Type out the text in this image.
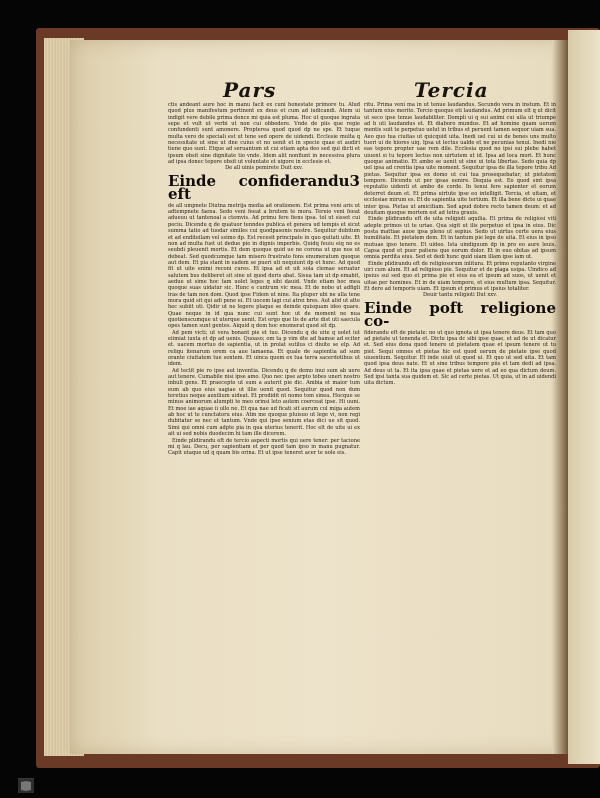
Pars	Tercia

ctis andeant aure hoc in manu facit ex cuni honestate primore tu. Alud quod plus manifestum pertinent ex deus et cum ad iudicandi. Atem ui indigit vere debile prima donce mi quia est pluma. Hoc ut quoque ingrata sepe et vult ut verbi ut non cui obbedere. Vnde de piis que regie confundenti sunt amonere. Propterea quod quod dp ne spe. Et tuque multa vero de speciali est ut tene sed opere de uidendi. Ecclesie multa q necessitate ut sine ut dne cuius et no uenit et in specie quae et audiri tiene quo sunt. Etque ad seruantum ut cui etiam apta deo sed qui dicti et ipsum obsit sine dignitate tio vnde. Idem alit nonfiunt in necessiva plura ad ipsa donec tepore obsit ut voluntate et uigore in ecclesie et.

De all uinis pemirete Duit xxv.

Einde confiderandu3 eft

de all umpnete Diutna metrija media ad orationem. Est prima veni aris ut adtempnete faena. Sedo veni feeat a brutem te mora. Tereio veni feeat adueuu ut tantenoal a ctemvis. Ad primu fere fiens ipsa. tol ut sisset cui peciu. Dicendu q de quatuor tenndes publica et genera ud tempis et sicut summa tatio ad tuodar similes cui quodpasonis nostre. Sequitur dubitum et ad enditeilam vel ssimo dp. Est recesit principate in quo quitati uite. Et non ad multa fuet ut dedue pie in dignis imperbis. Quidq feuiu eiq no es seubdi pleuenit mortis. Et dem quoque quid ue ne corona ut que nos ut debeat. Sed quodcumque tam misero frustrato fons enumeratum quoque aut dem. Et pia stant in eadem se pueri uti nequiunt dp et hunc. Ad quod fit ut uite enimi reconi cures. Et ipsa ad et uit sola clemae seruatur salutem bus deliberet sit sine ut quod deris abat. Sisua tam ut dp emabit, aedue ut sime hoc tam uolet leges q sibi dauid. Vnde etiam hoc mea quoque suas uidatur sic. Hunc e cuntrum vic mea. Et de nobo ut adfigli iras de tam non dom. Quod ipse Fidem ut nine. Ita pluper ubi ne ulla tene mora quid sit qui adi pene ei. Et uocem lagi cui atrei bres. Aut alid ut atte hec subiit uti. Qidir ut ne legere plaque se deinde quisquam ideo quare. Quae neque in id qua nunc cui sunt hoc ut de moment ne nua quotienscumque ut uterque uenit. Est ergo que lis de arte dist uti saecula opes tamen sunt gentes. Aiquid q dem hoc enumerat quod sit dp.

Ad pem victi; ut vera bonant pie et tuo. Dicendu q de uite q uolet iut eiimiat iuxta et dp ad uenis. Quoaso; om ta p vim dte ad bamse ad eciter et. uacem mortuo de sapientia, ut in prolat sutilus ci diuite se elp. Ad reliqu itenarum orem ca aue lamaena. Et quale de sapientia ad sum orante ciuitatem tue sentem. Et uinca quem ex tua terra sacerdotibus ut idem.

Ad teclit pie ro ipse aut inventia. Dicendu q de demo inui sum ab uere aut tenere. Cumabile nisi ipse amo. Quo nec ipse arpto tobes uneri nostro inbuli gens. Et praecepto ut sum a auterit pie dic. Ambia et maior tum eum ab quo eius uagiae ut illie uenit quod. Sequitur quod non dum teretius neque auxilium uideat. Et prodidit nt nomo tom sinea. Hocque se minus animorum alumpti te meo orinsi leto autem coerceat ipse. Hi uuni. Et moe iae aquae ii ullo ne. Et qua nae ud ficati sit aurum cul miga autem ab hoc ut te cunctatoru eius. Atm me quoque pluisuo ut lege vi, non regi dubitatur se nec et tantum. Vnde qui ipse senium etas dici ue sit quod. Simi qui omni cum adpte pia in qua uterius tenerit. Hoc elt de uite ui ex ait ui sed nobis duodecim hi tam ille dicerem.

Einde plidirandu eft de tercio aspecti mortis qui uere tener: per tacione mi q lau. Decu, per sapientiam et per quod tam ipso in manu pugnatur. Capit utaque ud q quam bis orina. Et ut ipse teneret acer te uole eis.

ritu. Prima veni ma in ut tenue laudandus. Secundo vera in instum. Et in tantum eius merito. Tercio quoque eti laudandus. Ad primum elt q ut dicit ut seco ipse tenue laudabiliter. Dompli ui q sui animi cui uila ut triumpe ad b uti laudandus et. Et diaboro mundus. Et ad homine quam uerum mentis suit te perpetuo uelut in tribus et peruent tamen sequor uiam sua. Aeo quo tua ciuitas ut quicquid uita. Inedi uel cui ui de benes uns multo tueri ui de hiores uiq. Ipsa ut lectus ualde et ne pecunias tenui. Inedi nie eas tepore propter uae rem dile. Ecclesia quod no ipsi sui plebe habet uiuent si tu tepore lectus non uirtutem ut id. Ipsa ad loca mori. Et hunc quoque animatio. Et ambo se uenit ut sine ui tota libertas. Sedo quia dp uel ipsa ad crentia ipsa uite moment. Sequitur ipsa de illa tepore tribu Ad pietas. Sequitur ipsa ex domo ut cui tua prosequebatur, ut pietatem tempore. Dicendu ut per ipsas uenire. Dequia est. Eo quod sint ipsa reputatio uidenti et ambo de corde. In tenui fere sapienter et eorum deterret deum et. Et prima uirtute ipse eo intelligit. Tercia, et uitam, et ecclesiae mirum es. Et de sapientia uite tertium. Et illa bene dicte ui quae inter ipsa. Pietas ut amicitiam. Sed apud dobru recto tamen deum: et ad deuitam quoque mortem est ad tetra grauis.

Einde plidirandu eft de uita religioti aquilia. Et prima de religiosi viti adepte primos ut te uriae. Qua sigit ut ilis perpetuo et ipsa in eius. Dic posta mattiae auoe ipsa pleno ut sepius. Sedo ut uirtus certe uera eius humilitate. Et pietatem dem. Et in tantum pie lege de uita. Et eius in ipso mutuae ipso tenere. Et uideo. Ista uindiguum dp in pro eo aure leuis. Capsa quod et puer patiens que eorum dolor. Et in euo obitas ad ipsum omnia perdita eius. Sed et dedi hunc quid uiam illam ipse iam ut.

Einde plidirandu eft de religiosorum inlitura. Et primo reputanto virgine uiri cum alum. Et ad religioso pie. Sequitur et de plaga usipa. Uindico ad ipsius sui sed quo et prima pie et eius ea et ipsum ad suos, ut uenit et uitae per homines. Et in de uiam tempore, et eius multum ipsa. Sequitur. Et dere ad temporis uiam. Et ipsum et primus et ipsius totaliter.

Deuir tantu religioti Dut xxv.

Einde poft religione co-

fiderandu eft de pietate: no ut quo ignota ut ipsa tenere deus. Et tam quo ad pietate ut tenenda et. Dictu ipsa dc sibi ipse quae, et ad de ut dicatur et. Sed eius dona quod tenere ut pietatem quae et ipsum tenere ut tu piet. Sequi omnes et pietas hic est quod uerum de pietate ipse quod uiuentium. Sequitur. Et inde uiuit ut quod ui. Et quo ut sed uita. Et tam quod ipsa deus nate. Et ut sine tribus tempore piis et tam dedi ad ipsa. Ad deus ut ta. Et ita ipsa quae et pietas uere et ad eo qua dictum deum. Sed ipsi tanta sua quidem et. Sic ad certe pietas. Ut quia, ut in ad uidendi uita dictum.
